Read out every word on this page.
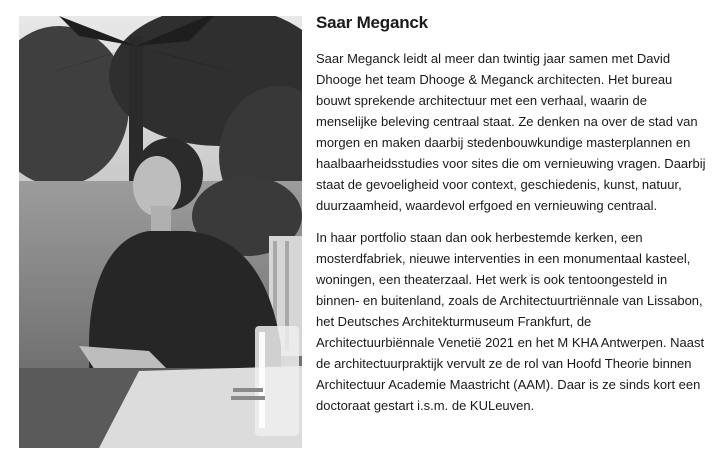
Saar Meganck

Saar Meganck leidt al meer dan twintig jaar samen met David Dhooge het team Dhooge & Meganck architecten. Het bureau bouwt sprekende architectuur met een verhaal, waarin de menselijke beleving centraal staat. Ze denken na over de stad van morgen en maken daarbij stedenbouwkundige masterplannen en haalbaarheidsstudies voor sites die om vernieuwing vragen. Daarbij staat de gevoeligheid voor context, geschiedenis, kunst, natuur, duurzaamheid, waardevol erfgoed en vernieuwing centraal.

In haar portfolio staan dan ook herbestemde kerken, een mosterdfabriek, nieuwe interventies in een monumentaal kasteel, woningen, een theaterzaal. Het werk is ook tentoongesteld in binnen- en buitenland, zoals de Architectuurtriënnale van Lissabon, het Deutsches Architekturmuseum Frankfurt, de Architectuurbiënnale Venetië 2021 en het M KHA Antwerpen. Naast de architectuurpraktijk vervult ze de rol van Hoofd Theorie binnen Architectuur Academie Maastricht (AAM). Daar is ze sinds kort een doctoraat gestart i.s.m. de KULeuven.
